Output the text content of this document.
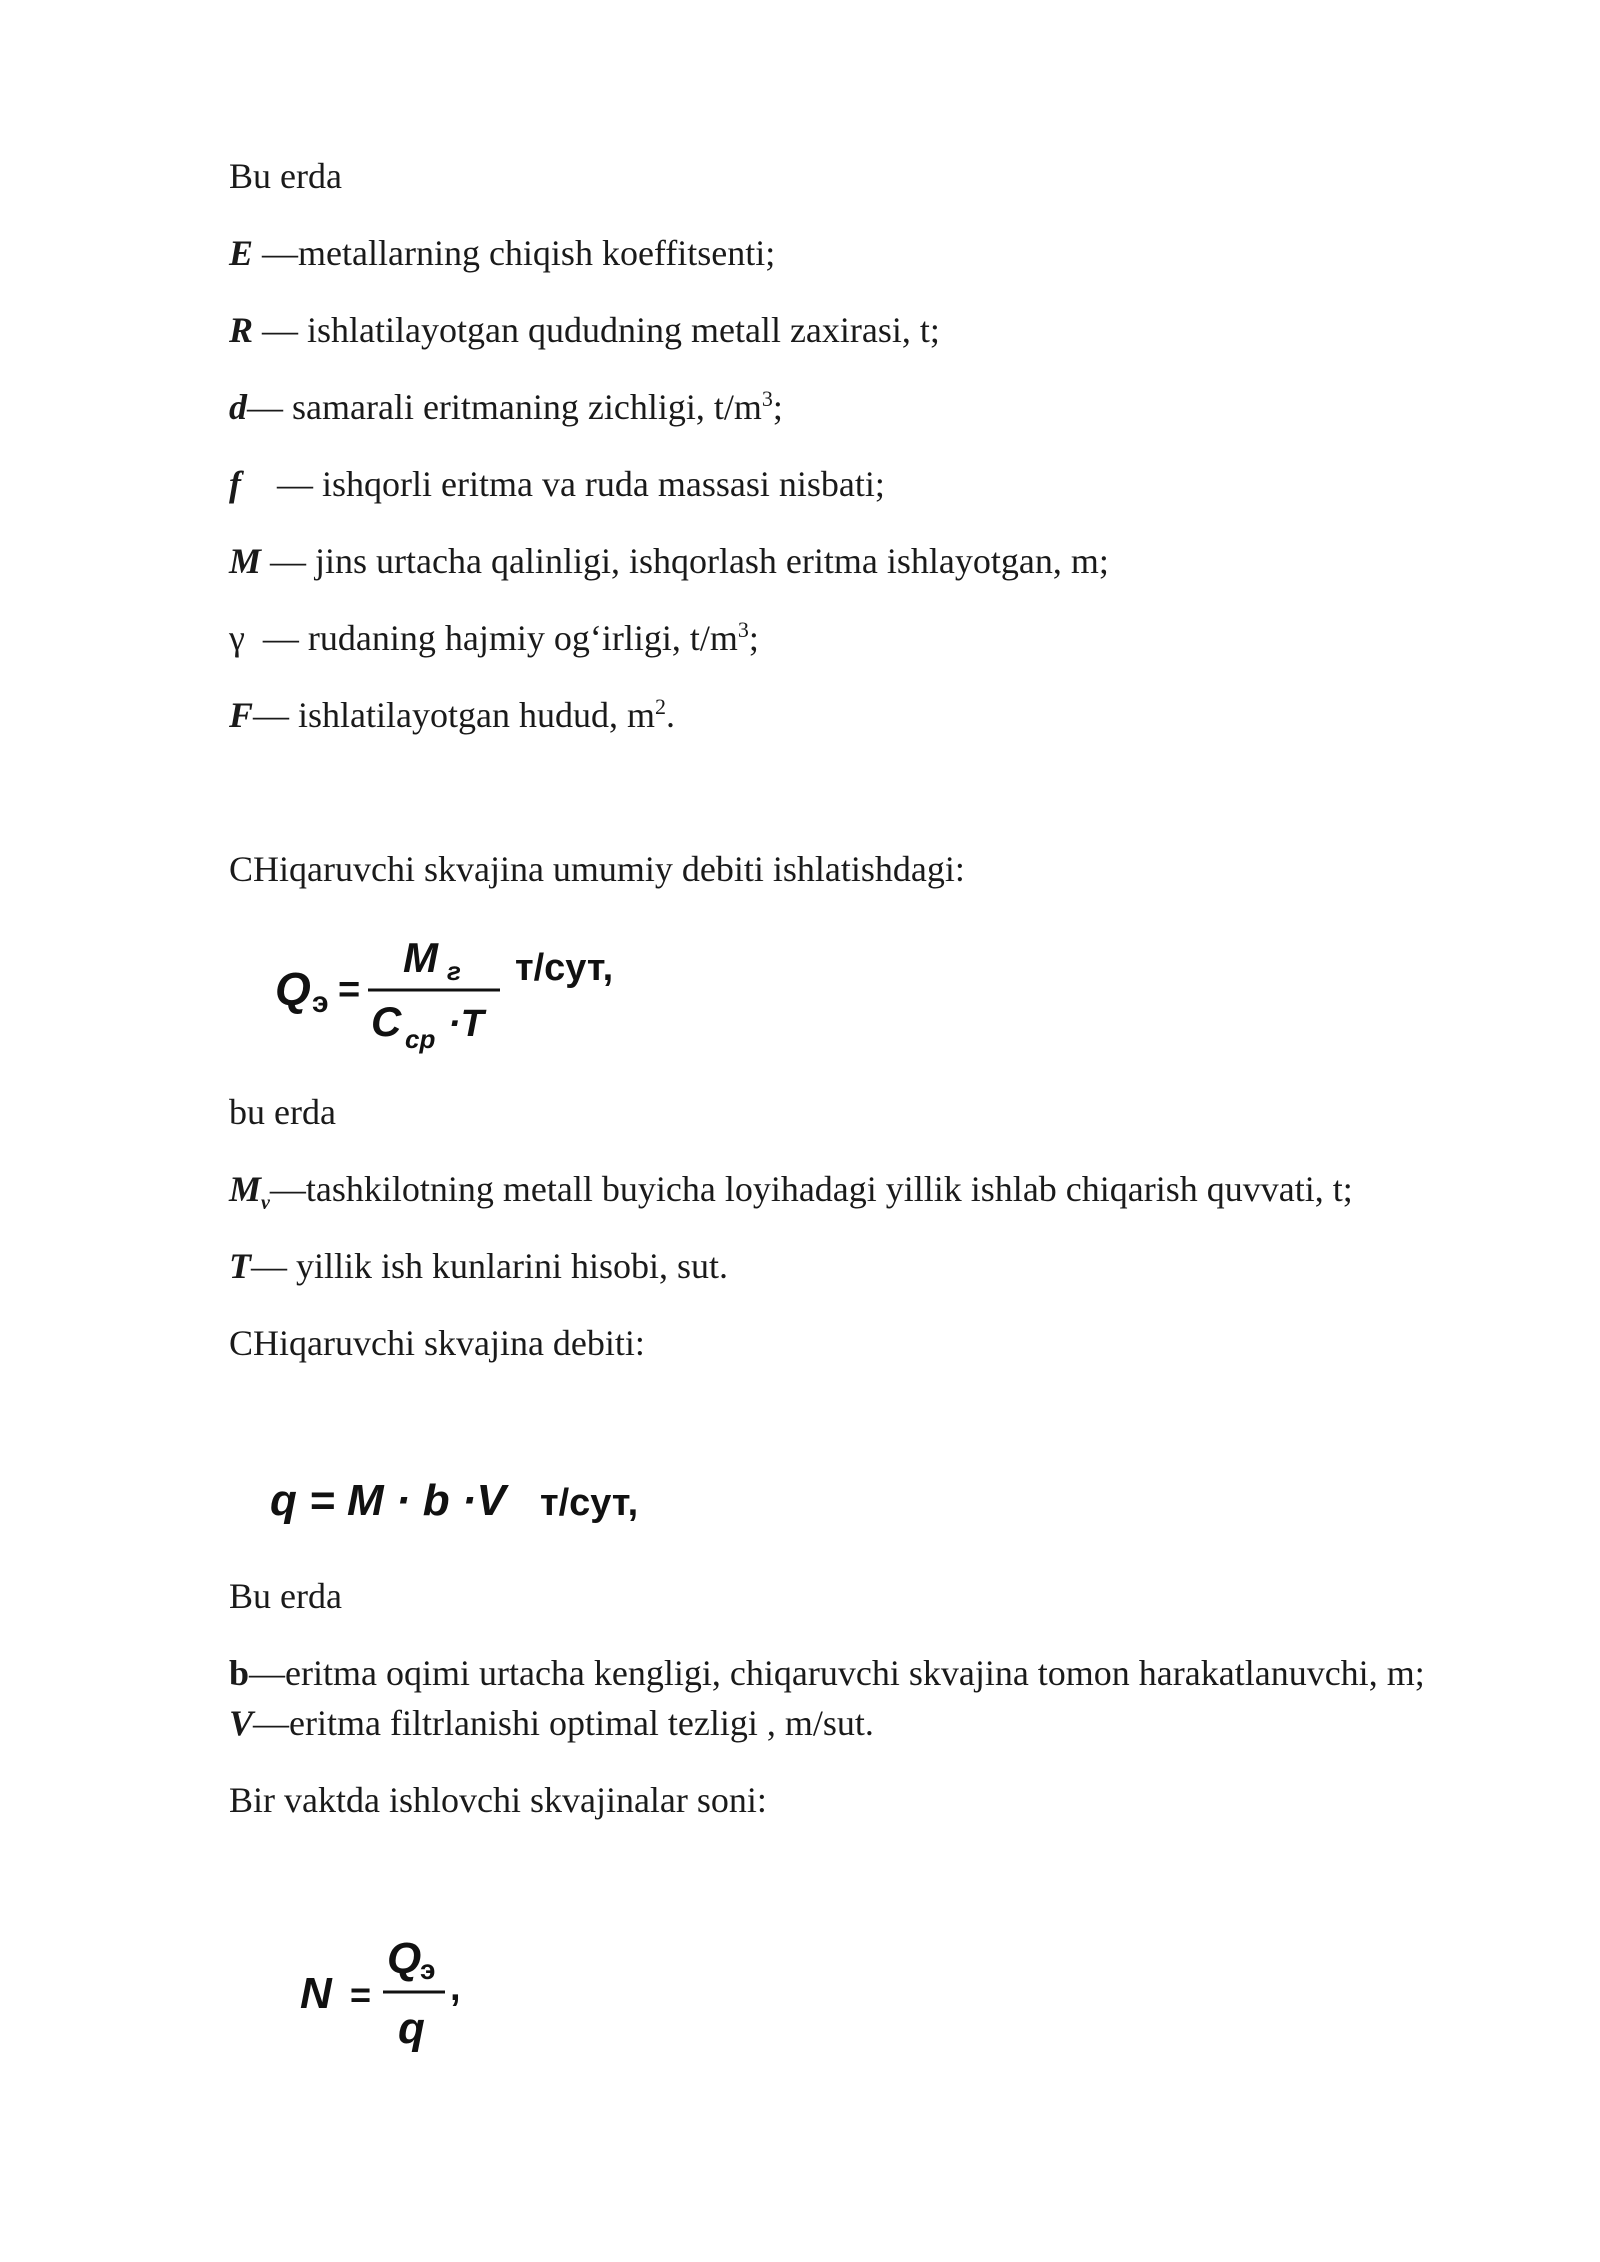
Bu erda
E —metallarning chiqish koeffitsenti;
R — ishlatilayotgan qududning metall zaxirasi, t;
d— samarali eritmaning zichligi, $t/m^3$;
f    — ishqorli eritma va ruda massasi nisbati;
M — jins urtacha qalinligi, ishqorlash eritma ishlayotgan, m;
γ  — rudaning hajmiy og‘irligi, $t/m^3$;
F— ishlatilayotgan hudud, $m^2$.
CHiqaruvchi skvajina umumiy debiti ishlatishdagi:
Q э =
M г
C ср ·T
т/сут,
bu erda
$M_v—tashkilotning$ metall buyicha loyihadagi yillik ishlab chiqarish quvvati, t;
T— yillik ish kunlarini hisobi, sut.
CHiqaruvchi skvajina debiti:
q = M · b ·V т/сут,
Bu erda
b—eritma oqimi urtacha kengligi, chiqaruvchi skvajina tomon harakatlanuvchi, m;
V—eritma filtrlanishi optimal tezligi , m/sut.
Bir vaktda ishlovchi skvajinalar soni:
N =
Q
э
q
,
